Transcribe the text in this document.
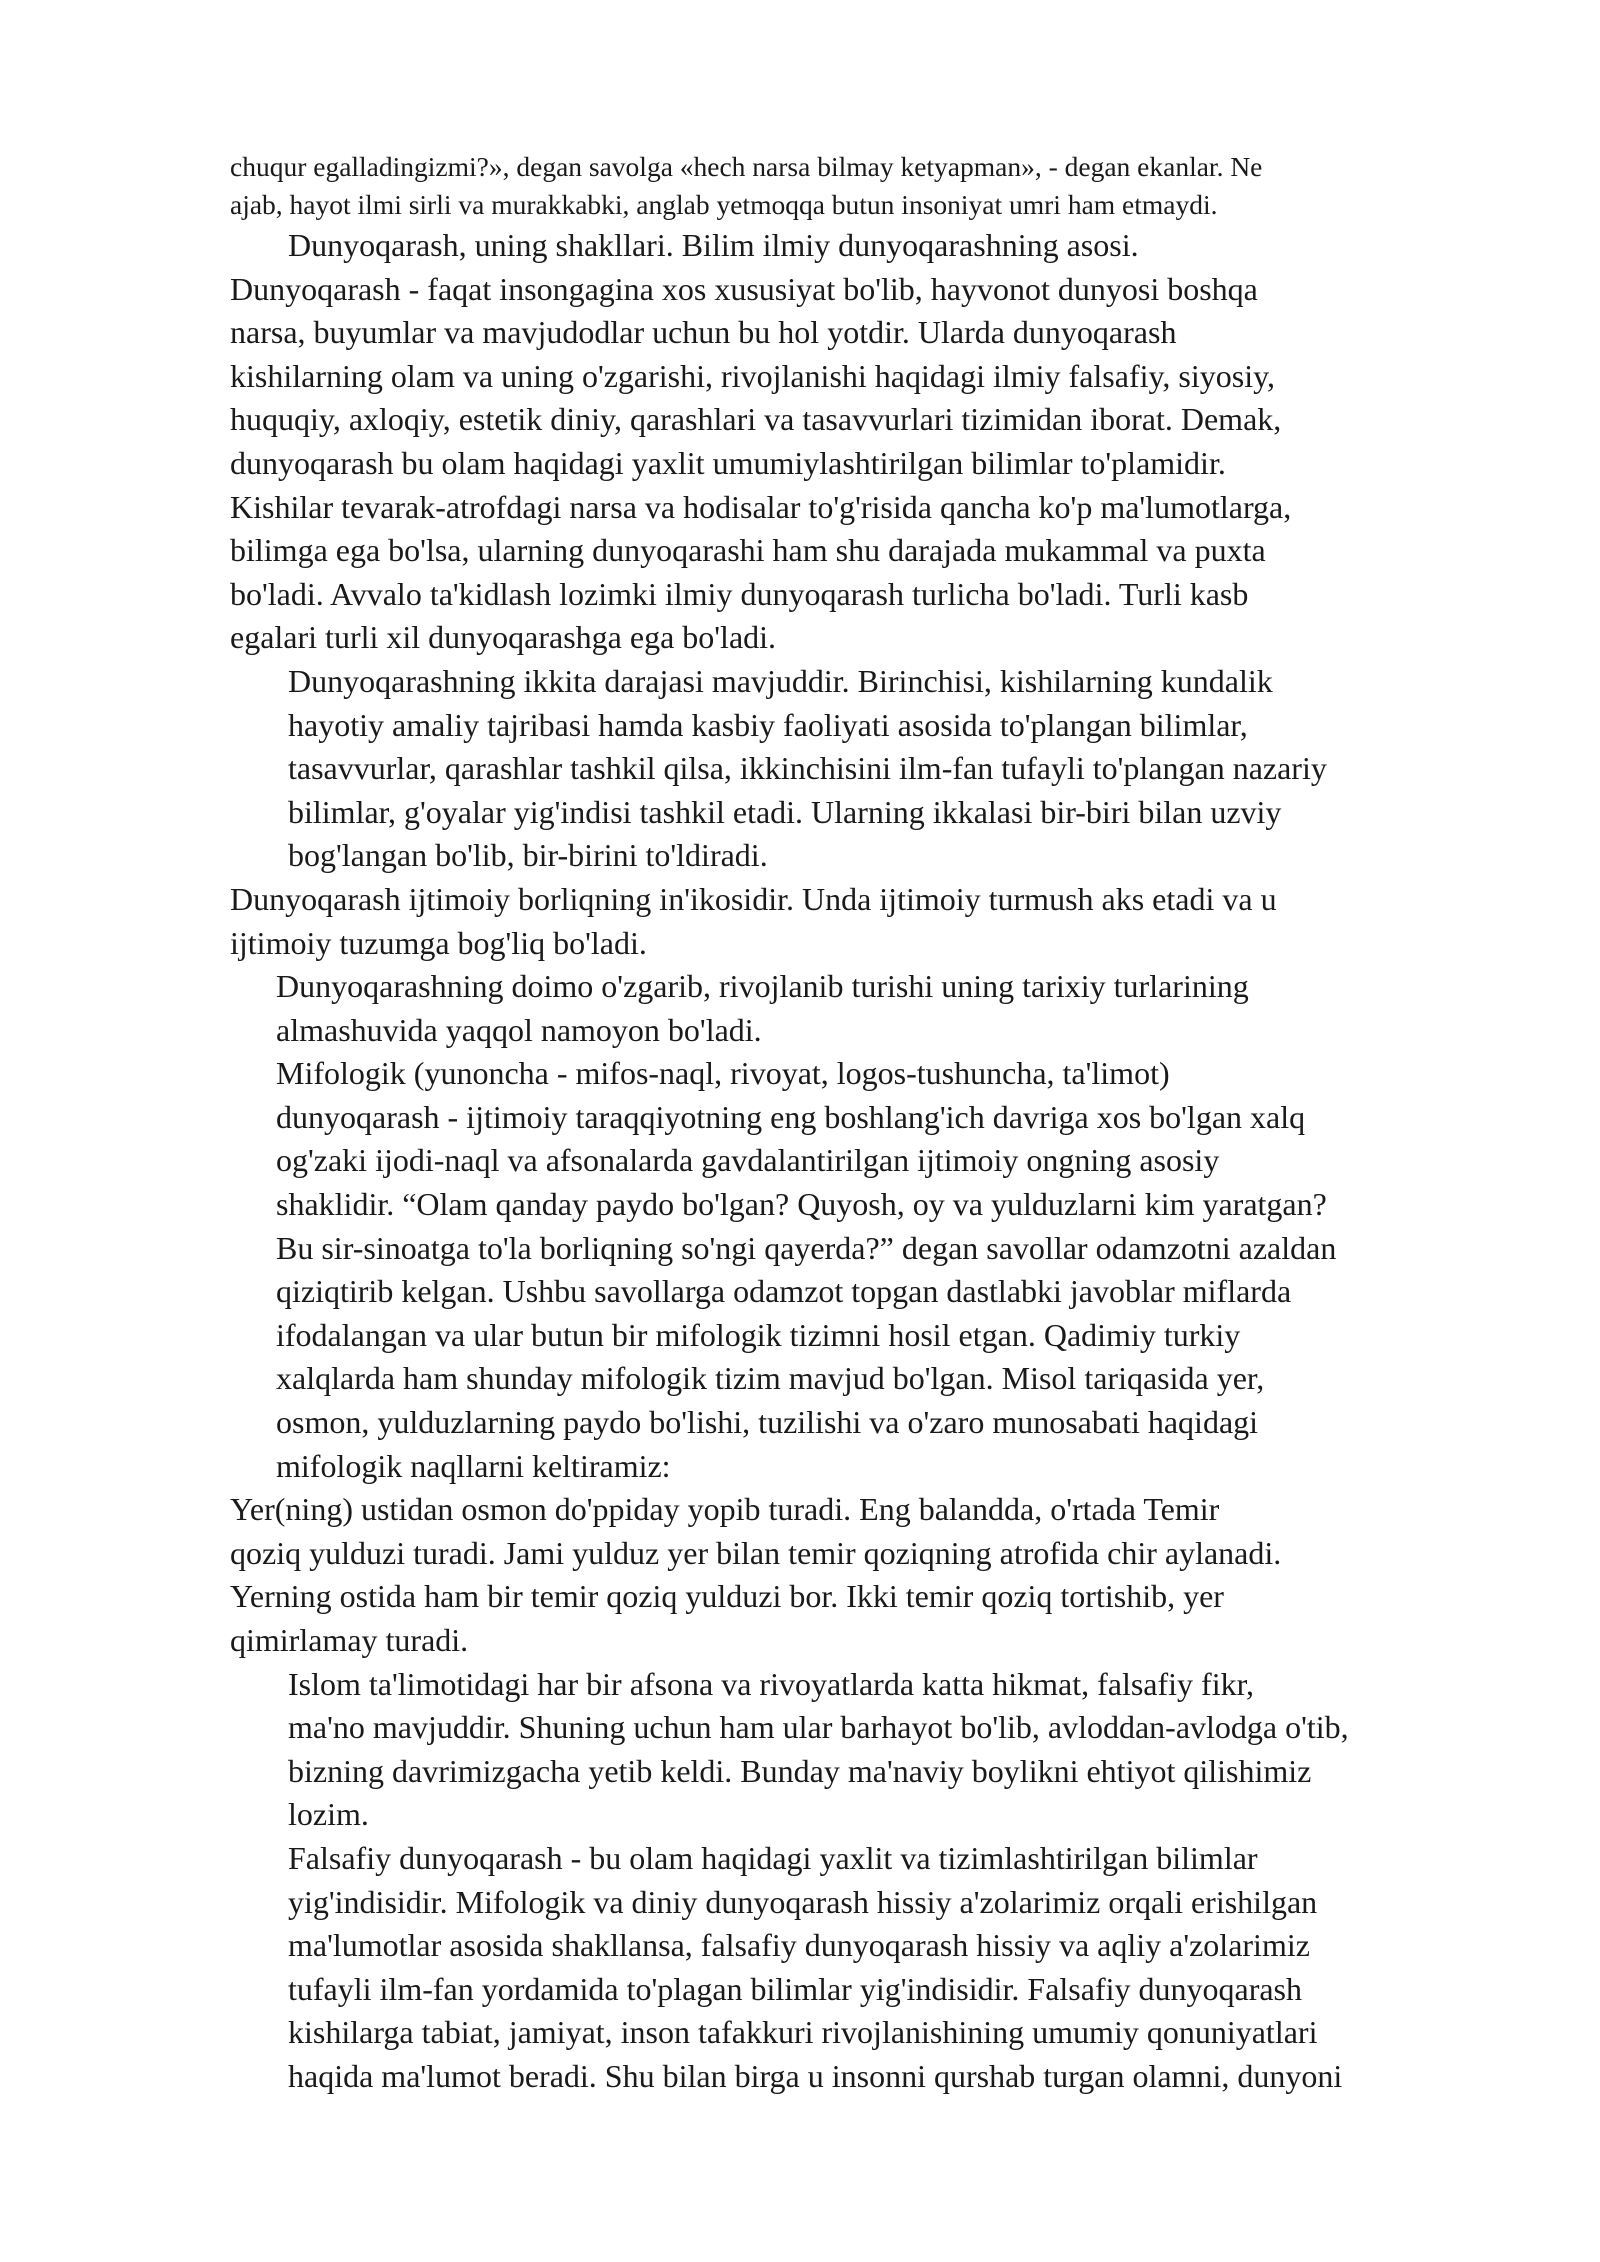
chuqur egalladingizmi?», degan savolga «hech narsa bilmay ketyapman», - degan ekanlar. Ne
ajab, hayot ilmi sirli va murakkabki, anglab yetmoqqa butun insoniyat umri ham etmaydi.

Dunyoqarash, uning shakllari. Bilim ilmiy dunyoqarashning asosi.

Dunyoqarash - faqat insongagina xos xususiyat bo'lib, hayvonot dunyosi boshqa
narsa, buyumlar va mavjudodlar uchun bu hol yotdir. Ularda dunyoqarash
kishilarning olam va uning o'zgarishi, rivojlanishi haqidagi ilmiy falsafiy, siyosiy,
huquqiy, axloqiy, estetik diniy, qarashlari va tasavvurlari tizimidan iborat. Demak,
dunyoqarash bu olam haqidagi yaxlit umumiylashtirilgan bilimlar to'plamidir.
Kishilar tevarak-atrofdagi narsa va hodisalar to'g'risida qancha ko'p ma'lumotlarga,
bilimga ega bo'lsa, ularning dunyoqarashi ham shu darajada mukammal va puxta
bo'ladi. Avvalo ta'kidlash lozimki ilmiy dunyoqarash turlicha bo'ladi. Turli kasb
egalari turli xil dunyoqarashga ega bo'ladi.

Dunyoqarashning ikkita darajasi mavjuddir. Birinchisi, kishilarning kundalik
hayotiy amaliy tajribasi hamda kasbiy faoliyati asosida to'plangan bilimlar,
tasavvurlar, qarashlar tashkil qilsa, ikkinchisini ilm-fan tufayli to'plangan nazariy
bilimlar, g'oyalar yig'indisi tashkil etadi. Ularning ikkalasi bir-biri bilan uzviy
bog'langan bo'lib, bir-birini to'ldiradi.

Dunyoqarash ijtimoiy borliqning in'ikosidir. Unda ijtimoiy turmush aks etadi va u
ijtimoiy tuzumga bog'liq bo'ladi.

Dunyoqarashning doimo o'zgarib, rivojlanib turishi uning tarixiy turlarining
almashuvida yaqqol namoyon bo'ladi.

Mifologik (yunoncha - mifos-naql, rivoyat, logos-tushuncha, ta'limot)
dunyoqarash - ijtimoiy taraqqiyotning eng boshlang'ich davriga xos bo'lgan xalq
og'zaki ijodi-naql va afsonalarda gavdalantirilgan ijtimoiy ongning asosiy
shaklidir. “Olam qanday paydo bo'lgan? Quyosh, oy va yulduzlarni kim yaratgan?
Bu sir-sinoatga to'la borliqning so'ngi qayerda?” degan savollar odamzotni azaldan
qiziqtirib kelgan. Ushbu savollarga odamzot topgan dastlabki javoblar miflarda
ifodalangan va ular butun bir mifologik tizimni hosil etgan. Qadimiy turkiy
xalqlarda ham shunday mifologik tizim mavjud bo'lgan. Misol tariqasida yer,
osmon, yulduzlarning paydo bo'lishi, tuzilishi va o'zaro munosabati haqidagi
mifologik naqllarni keltiramiz:

Yer(ning) ustidan osmon do'ppiday yopib turadi. Eng balandda, o'rtada Temir
qoziq yulduzi turadi. Jami yulduz yer bilan temir qoziqning atrofida chir aylanadi.
Yerning ostida ham bir temir qoziq yulduzi bor. Ikki temir qoziq tortishib, yer
qimirlamay turadi.

Islom ta'limotidagi har bir afsona va rivoyatlarda katta hikmat, falsafiy fikr,
ma'no mavjuddir. Shuning uchun ham ular barhayot bo'lib, avloddan-avlodga o'tib,
bizning davrimizgacha yetib keldi. Bunday ma'naviy boylikni ehtiyot qilishimiz
lozim.

Falsafiy dunyoqarash - bu olam haqidagi yaxlit va tizimlashtirilgan bilimlar
yig'indisidir. Mifologik va diniy dunyoqarash hissiy a'zolarimiz orqali erishilgan
ma'lumotlar asosida shakllansa, falsafiy dunyoqarash hissiy va aqliy a'zolarimiz
tufayli ilm-fan yordamida to'plagan bilimlar yig'indisidir. Falsafiy dunyoqarash
kishilarga tabiat, jamiyat, inson tafakkuri rivojlanishining umumiy qonuniyatlari
haqida ma'lumot beradi. Shu bilan birga u insonni qurshab turgan olamni, dunyoni
